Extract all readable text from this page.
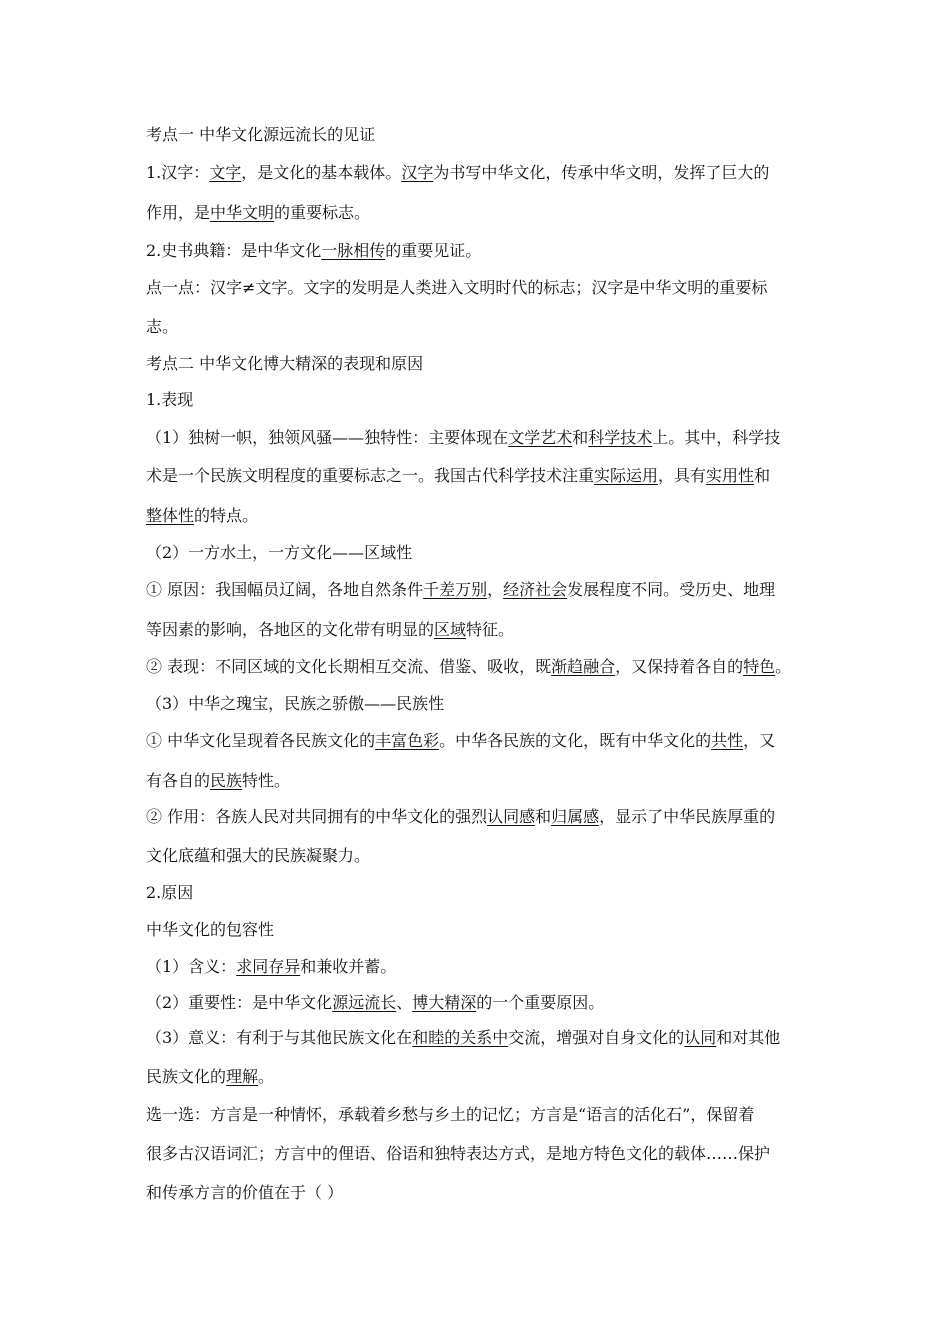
考点一 中华文化源远流长的见证
1.汉字：文字，是文化的基本载体。汉字为书写中华文化，传承中华文明，发挥了巨大的
作用，是中华文明的重要标志。
2.史书典籍：是中华文化一脉相传的重要见证。
点一点：汉字≠文字。文字的发明是人类进入文明时代的标志；汉字是中华文明的重要标
志。
考点二 中华文化博大精深的表现和原因
1.表现
（1）独树一帜，独领风骚——独特性：主要体现在文学艺术和科学技术上。其中，科学技
术是一个民族文明程度的重要标志之一。我国古代科学技术注重实际运用，具有实用性和
整体性的特点。
（2）一方水土，一方文化——区域性
① 原因：我国幅员辽阔，各地自然条件千差万别，经济社会发展程度不同。受历史、地理
等因素的影响，各地区的文化带有明显的区域特征。
② 表现：不同区域的文化长期相互交流、借鉴、吸收，既渐趋融合，又保持着各自的特色。
（3）中华之瑰宝，民族之骄傲——民族性
① 中华文化呈现着各民族文化的丰富色彩。中华各民族的文化，既有中华文化的共性，又
有各自的民族特性。
② 作用：各族人民对共同拥有的中华文化的强烈认同感和归属感，显示了中华民族厚重的
文化底蕴和强大的民族凝聚力。
2.原因
中华文化的包容性
（1）含义：求同存异和兼收并蓄。
（2）重要性：是中华文化源远流长、博大精深的一个重要原因。
（3）意义：有利于与其他民族文化在和睦的关系中交流，增强对自身文化的认同和对其他
民族文化的理解。
选一选：方言是一种情怀，承载着乡愁与乡土的记忆；方言是“语言的活化石”，保留着
很多古汉语词汇；方言中的俚语、俗语和独特表达方式，是地方特色文化的载体……保护
和传承方言的价值在于（ ）
